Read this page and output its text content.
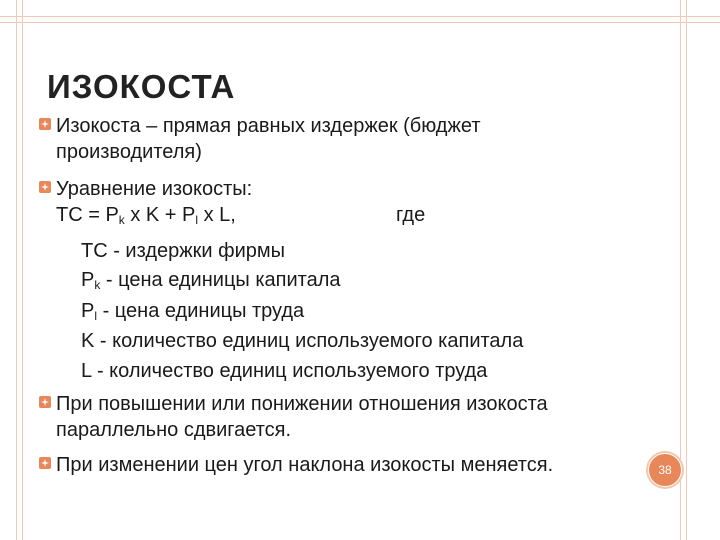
ИЗОКОСТА
Изокоста – прямая равных издержек (бюджет
производителя)
Уравнение изокосты:
TC = $P_k$ x $K + P_l$ x L,	где
TC - издержки фирмы
$P_k$ - цена единицы капитала
$P_l$ - цена единицы труда
K - количество единиц используемого капитала
L - количество единиц используемого труда
При повышении или понижении отношения изокоста
параллельно сдвигается.
При изменении цен угол наклона изокосты меняется.	38
